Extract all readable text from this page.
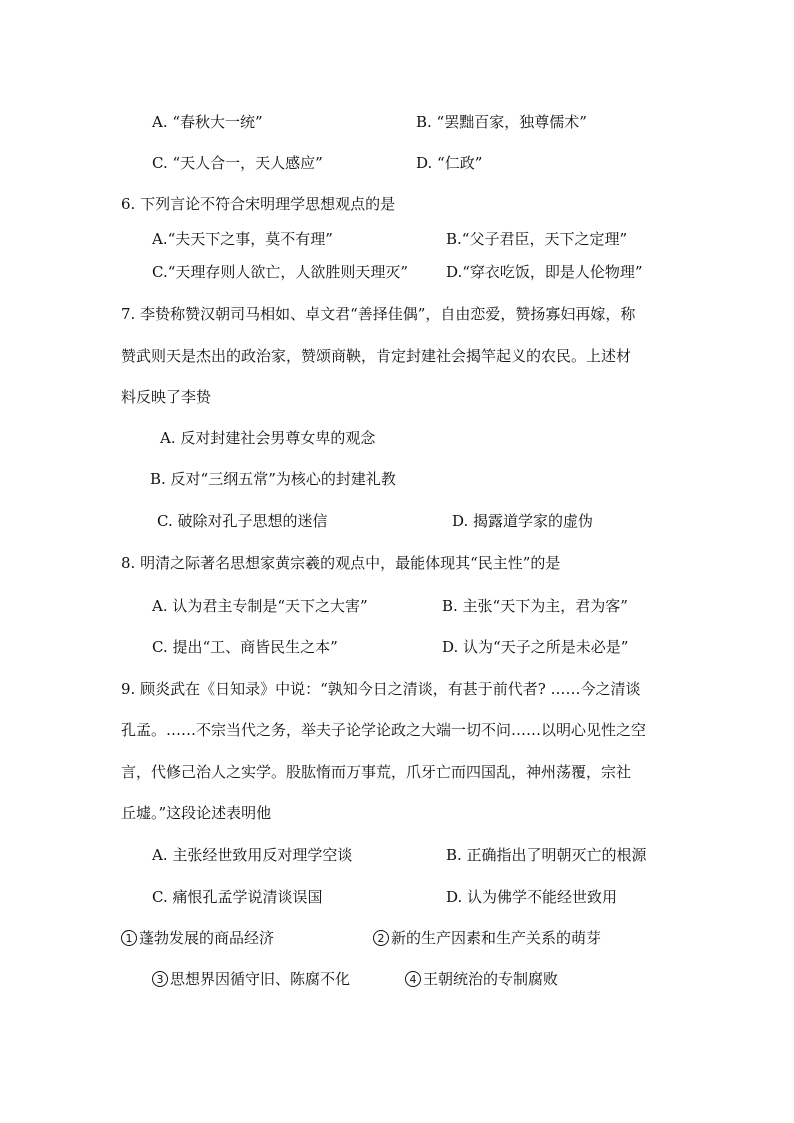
A. “春秋大一统”	B. “罢黜百家，独尊儒术”
C. “天人合一，天人感应”	D. “仁政”
6. 下列言论不符合宋明理学思想观点的是
A.“夫天下之事，莫不有理”	B.“父子君臣，天下之定理”
C.“天理存则人欲亡，人欲胜则天理灭”	D.“穿衣吃饭，即是人伦物理”
7. 李贽称赞汉朝司马相如、卓文君“善择佳偶”，自由恋爱，赞扬寡妇再嫁，称
赞武则天是杰出的政治家，赞颂商鞅，肯定封建社会揭竿起义的农民。上述材
料反映了李贽
A. 反对封建社会男尊女卑的观念
B. 反对“三纲五常”为核心的封建礼教
C. 破除对孔子思想的迷信	D. 揭露道学家的虚伪
8. 明清之际著名思想家黄宗羲的观点中，最能体现其“民主性”的是
A. 认为君主专制是“天下之大害”	B. 主张“天下为主，君为客”
C. 提出“工、商皆民生之本”	D. 认为“天子之所是未必是”
9. 顾炎武在《日知录》中说：“孰知今日之清谈，有甚于前代者? ……今之清谈
孔孟。……不宗当代之务，举夫子论学论政之大端一切不问……以明心见性之空
言，代修己治人之实学。股肱惰而万事荒，爪牙亡而四国乱，神州荡覆，宗社
丘墟。”这段论述表明他
A. 主张经世致用反对理学空谈	B. 正确指出了明朝灭亡的根源
C. 痛恨孔孟学说清谈误国	D. 认为佛学不能经世致用
1 蓬勃发展的商品经济	2 新的生产因素和生产关系的萌芽
3 思想界因循守旧、陈腐不化	4 王朝统治的专制腐败
